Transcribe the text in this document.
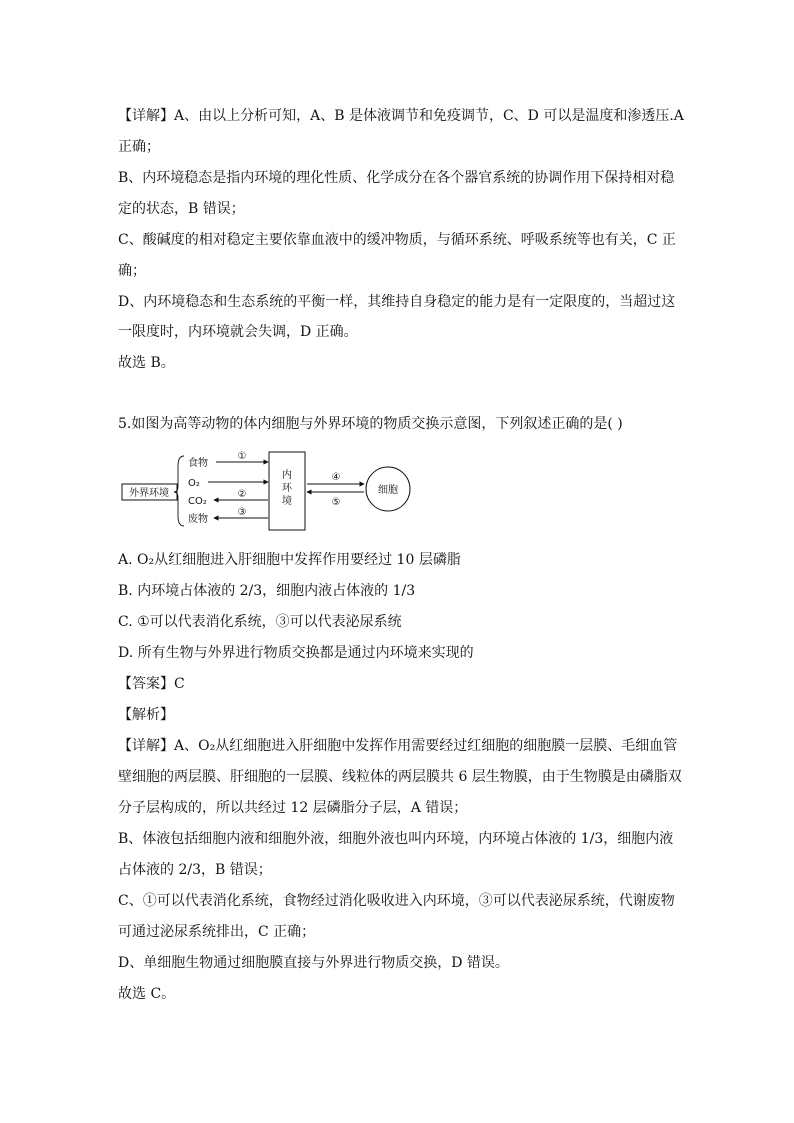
【详解】A、由以上分析可知，A、B 是体液调节和免疫调节，C、D 可以是温度和渗透压.A
正确；
B、内环境稳态是指内环境的理化性质、化学成分在各个器官系统的协调作用下保持相对稳
定的状态，B 错误；
C、酸碱度的相对稳定主要依靠血液中的缓冲物质，与循环系统、呼吸系统等也有关，C 正
确；
D、内环境稳态和生态系统的平衡一样，其维持自身稳定的能力是有一定限度的，当超过这
一限度时，内环境就会失调，D 正确。
故选 B。
5.如图为高等动物的体内细胞与外界环境的物质交换示意图，下列叙述正确的是( )
外界环境
食物
O₂
CO₂
废物
①
②
③
内
环
境
④
⑤
细胞
A. O₂从红细胞进入肝细胞中发挥作用要经过 10 层磷脂
B. 内环境占体液的 2/3，细胞内液占体液的 1/3
C. ①可以代表消化系统，③可以代表泌尿系统
D. 所有生物与外界进行物质交换都是通过内环境来实现的
【答案】C
【解析】
【详解】A、O₂从红细胞进入肝细胞中发挥作用需要经过红细胞的细胞膜一层膜、毛细血管
壁细胞的两层膜、肝细胞的一层膜、线粒体的两层膜共 6 层生物膜，由于生物膜是由磷脂双
分子层构成的，所以共经过 12 层磷脂分子层，A 错误；
B、体液包括细胞内液和细胞外液，细胞外液也叫内环境，内环境占体液的 1/3，细胞内液
占体液的 2/3，B 错误；
C、①可以代表消化系统，食物经过消化吸收进入内环境，③可以代表泌尿系统，代谢废物
可通过泌尿系统排出，C 正确；
D、单细胞生物通过细胞膜直接与外界进行物质交换，D 错误。
故选 C。
